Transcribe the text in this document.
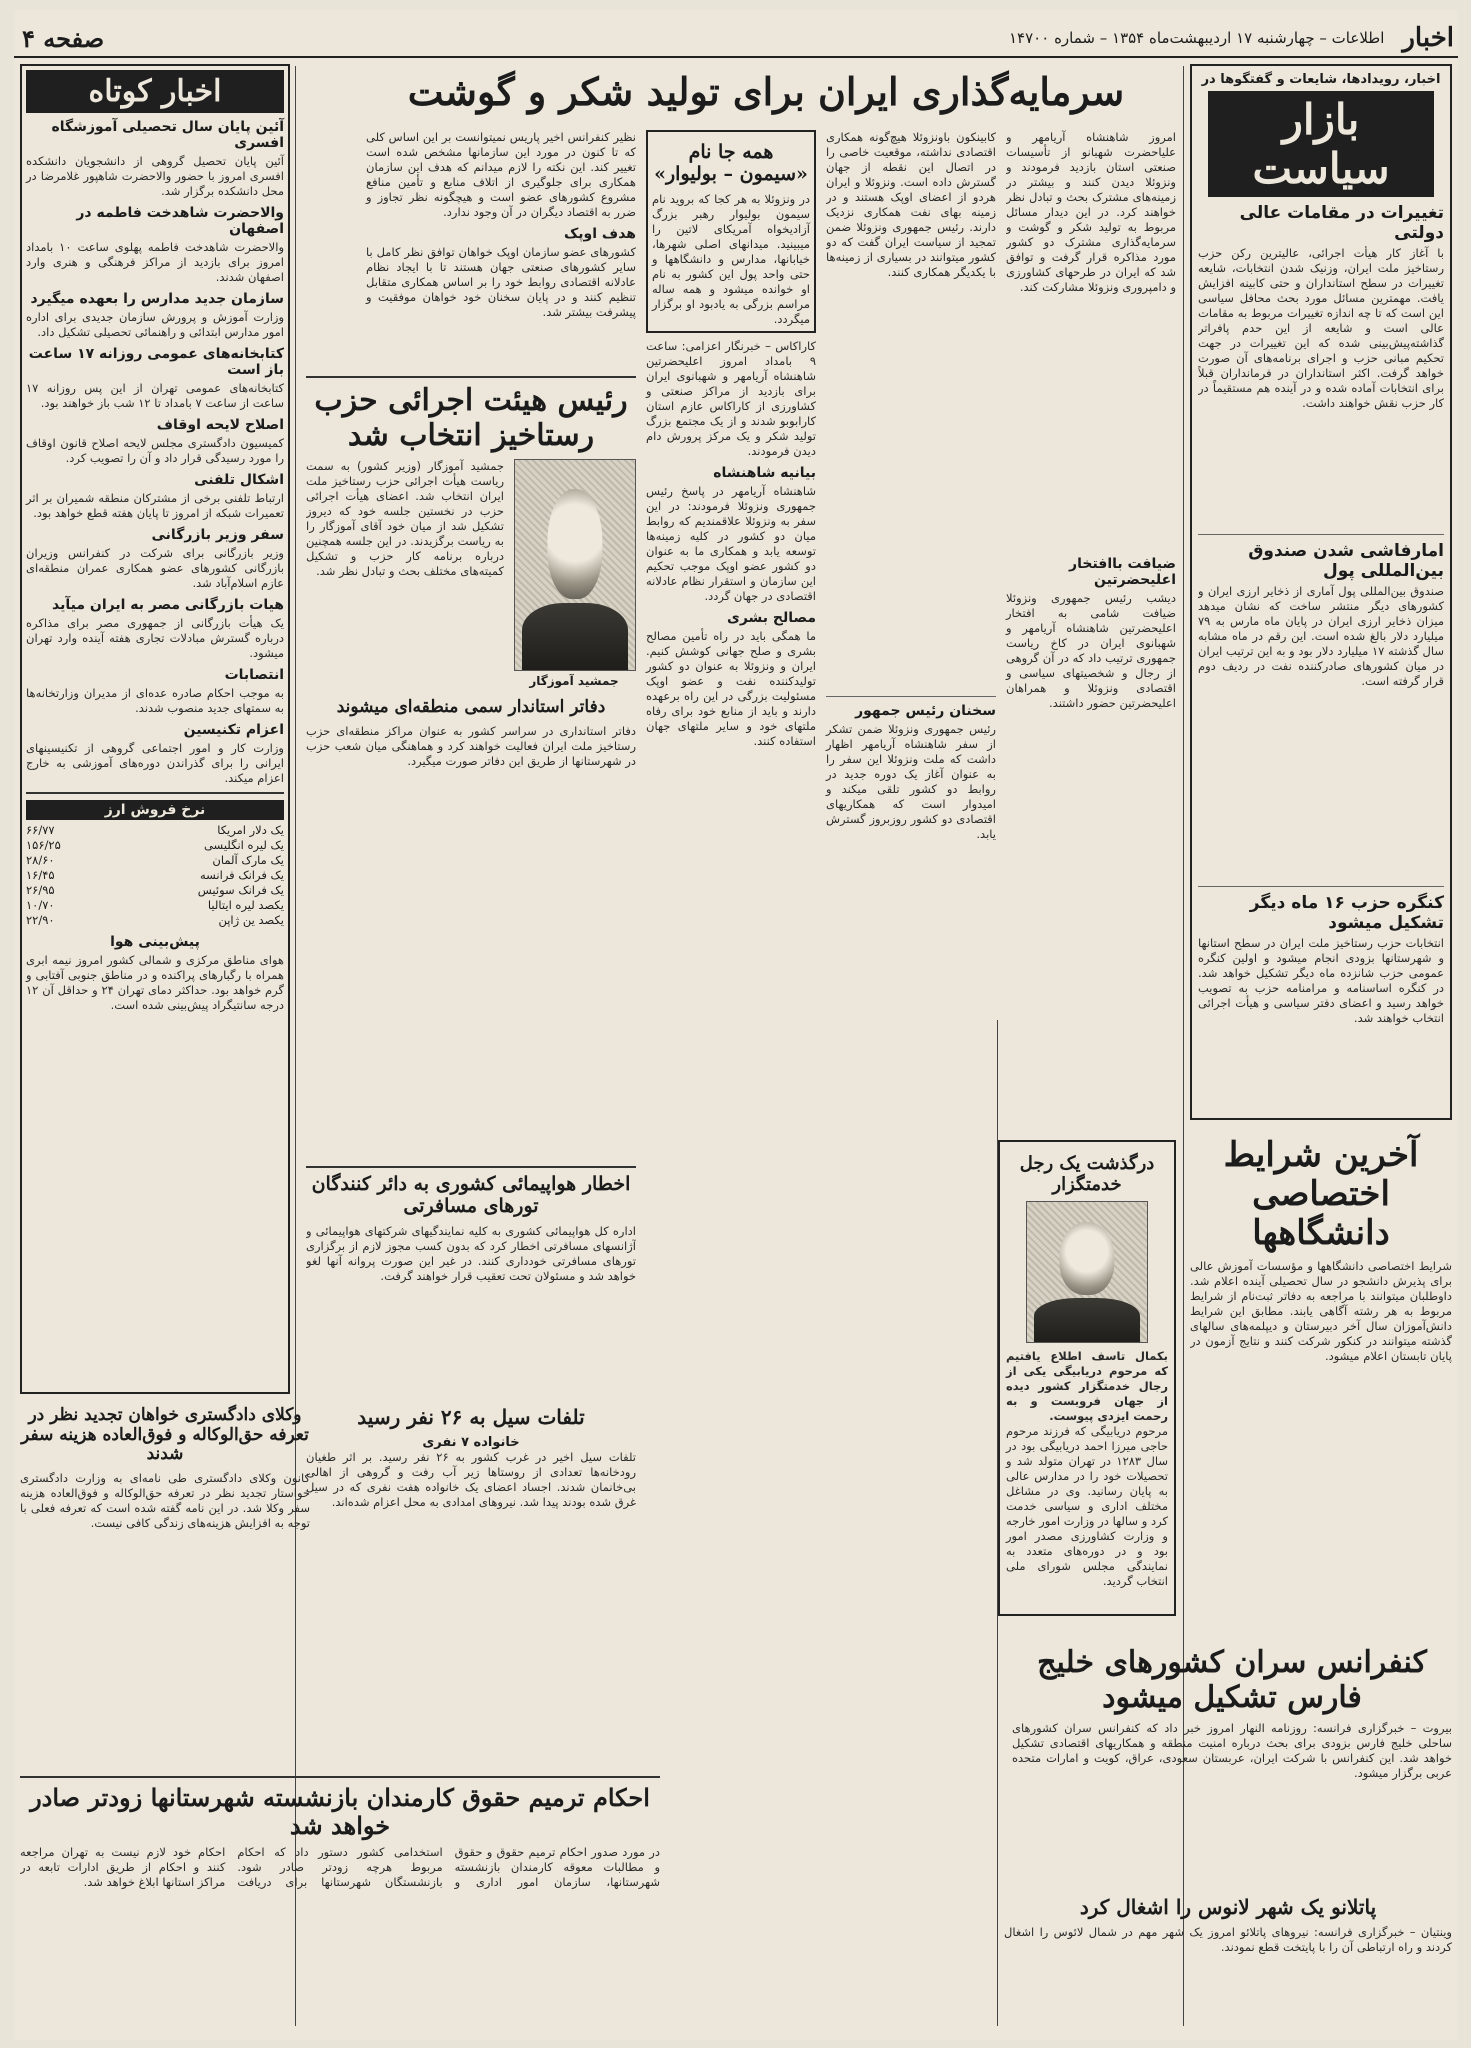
اخبار
اطلاعات – چهارشنبه ۱۷ اردیبهشت‌ماه ۱۳۵۴ – شماره ۱۴۷۰۰
صفحه ۴
اخبار، رویدادها، شایعات و گفتگوها در
بازار سیاست
تغییرات در مقامات عالی دولتی
با آغاز کار هیأت اجرائی، عالیترین رکن حزب رستاخیز ملت ایران، وزنیک شدن انتخابات، شایعه تغییرات در سطح استانداران و حتی کابینه افزایش یافت. مهمترین مسائل مورد بحث محافل سیاسی این است که تا چه اندازه تغییرات مربوط به مقامات عالی است و شایعه از این حدم پافراتر گذاشته‌پیش‌بینی شده که این تغییرات در جهت تحکیم مبانی حزب و اجرای برنامه‌های آن صورت خواهد گرفت. اکثر استانداران در فرمانداران قبلاً برای انتخابات آماده شده و در آینده هم مستقیماً در کار حزب نقش خواهند داشت.
امارفاشی شدن صندوق بین‌المللی پول
صندوق بین‌المللی پول آماری از ذخایر ارزی ایران و کشورهای دیگر منتشر ساخت که نشان میدهد میزان ذخایر ارزی ایران در پایان ماه مارس به ۷۹ میلیارد دلار بالغ شده است. این رقم در ماه مشابه سال گذشته ۱۷ میلیارد دلار بود و به این ترتیب ایران در میان کشورهای صادرکننده نفت در ردیف دوم قرار گرفته است.
کنگره حزب ۱۶ ماه دیگر تشکیل میشود
انتخابات حزب رستاخیز ملت ایران در سطح استانها و شهرستانها بزودی انجام میشود و اولین کنگره عمومی حزب شانزده ماه دیگر تشکیل خواهد شد. در کنگره اساسنامه و مرامنامه حزب به تصویب خواهد رسید و اعضای دفتر سیاسی و هیأت اجرائی انتخاب خواهند شد.
آخرین شرایط اختصاصی دانشگاهها
شرایط اختصاصی دانشگاهها و مؤسسات آموزش عالی برای پذیرش دانشجو در سال تحصیلی آینده اعلام شد. داوطلبان میتوانند با مراجعه به دفاتر ثبت‌نام از شرایط مربوط به هر رشته آگاهی یابند. مطابق این شرایط دانش‌آموزان سال آخر دبیرستان و دیپلمه‌های سالهای گذشته میتوانند در کنکور شرکت کنند و نتایج آزمون در پایان تابستان اعلام میشود.
کنفرانس سران کشورهای خلیج فارس تشکیل میشود
بیروت – خبرگزاری فرانسه: روزنامه النهار امروز خبر داد که کنفرانس سران کشورهای ساحلی خلیج فارس بزودی برای بحث درباره امنیت منطقه و همکاریهای اقتصادی تشکیل خواهد شد. این کنفرانس با شرکت ایران، عربستان سعودی، عراق، کویت و امارات متحده عربی برگزار میشود.
پاتلانو یک شهر لانوس را اشغال کرد
وینتیان – خبرگزاری فرانسه: نیروهای پاتلائو امروز یک شهر مهم در شمال لائوس را اشغال کردند و راه ارتباطی آن را با پایتخت قطع نمودند.
درگذشت یک رجل خدمتگزار
بکمال تاسف اطلاع یافتیم که مرحوم دریابیگی یکی از رجال خدمتگزار کشور دیده از جهان فروبست و به رحمت ایزدی پیوست.
مرحوم دریابیگی که فرزند مرحوم حاجی میرزا احمد دریابیگی بود در سال ۱۲۸۳ در تهران متولد شد و تحصیلات خود را در مدارس عالی به پایان رسانید. وی در مشاغل مختلف اداری و سیاسی خدمت کرد و سالها در وزارت امور خارجه و وزارت کشاورزی مصدر امور بود و در دوره‌های متعدد به نمایندگی مجلس شورای ملی انتخاب گردید.
سرمایه‌گذاری ایران برای تولید شکر و گوشت
امروز شاهنشاه آریامهر و علیاحضرت شهبانو از تأسیسات صنعتی استان بازدید فرمودند و ونزوئلا دیدن کنند و بیشتر در زمینه‌های مشترک بحث و تبادل نظر خواهند کرد. در این دیدار مسائل مربوط به تولید شکر و گوشت و سرمایه‌گذاری مشترک دو کشور مورد مذاکره قرار گرفت و توافق شد که ایران در طرحهای کشاورزی و دامپروری ونزوئلا مشارکت کند.
ضیافت باافتخار اعلیحضرتین
دیشب رئیس جمهوری ونزوئلا ضیافت شامی به افتخار اعلیحضرتین شاهنشاه آریامهر و شهبانوی ایران در کاخ ریاست جمهوری ترتیب داد که در آن گروهی از رجال و شخصیتهای سیاسی و اقتصادی ونزوئلا و همراهان اعلیحضرتین حضور داشتند.
کابینکون باونزوئلا هیچ‌گونه همکاری اقتصادی نداشته، موقعیت خاصی را در اتصال این نقطه از جهان گسترش داده است. ونزوئلا و ایران هردو از اعضای اوپک هستند و در زمینه بهای نفت همکاری نزدیک دارند. رئیس جمهوری ونزوئلا ضمن تمجید از سیاست ایران گفت که دو کشور میتوانند در بسیاری از زمینه‌ها با یکدیگر همکاری کنند.
سخنان رئیس جمهور
رئیس جمهوری ونزوئلا ضمن تشکر از سفر شاهنشاه آریامهر اظهار داشت که ملت ونزوئلا این سفر را به عنوان آغاز یک دوره جدید در روابط دو کشور تلقی میکند و امیدوار است که همکاریهای اقتصادی دو کشور روزبروز گسترش یابد.
همه جا نام «سیمون – بولیوار»
در ونزوئلا به هر کجا که بروید نام سیمون بولیوار رهبر بزرگ آزادیخواه آمریکای لاتین را میبینید. میدانهای اصلی شهرها، خیابانها، مدارس و دانشگاهها و حتی واحد پول این کشور به نام او خوانده میشود و همه ساله مراسم بزرگی به یادبود او برگزار میگردد.
کاراکاس – خبرنگار اعزامی: ساعت ۹ بامداد امروز اعلیحضرتین شاهنشاه آریامهر و شهبانوی ایران برای بازدید از مراکز صنعتی و کشاورزی از کاراکاس عازم استان کارابوبو شدند و از یک مجتمع بزرگ تولید شکر و یک مرکز پرورش دام دیدن فرمودند.
بیانیه شاهنشاه
شاهنشاه آریامهر در پاسخ رئیس جمهوری ونزوئلا فرمودند: در این سفر به ونزوئلا علاقمندیم که روابط میان دو کشور در کلیه زمینه‌ها توسعه یابد و همکاری ما به عنوان دو کشور عضو اوپک موجب تحکیم این سازمان و استقرار نظام عادلانه اقتصادی در جهان گردد.
مصالح بشری
ما همگی باید در راه تأمین مصالح بشری و صلح جهانی کوشش کنیم. ایران و ونزوئلا به عنوان دو کشور تولیدکننده نفت و عضو اوپک مسئولیت بزرگی در این راه برعهده دارند و باید از منابع خود برای رفاه ملتهای خود و سایر ملتهای جهان استفاده کنند.
نظیر کنفرانس اخیر پاریس نمیتوانست بر این اساس کلی که تا کنون در مورد این سازمانها مشخص شده است تغییر کند. این نکته را لازم میدانم که هدف این سازمان همکاری برای جلوگیری از اتلاف منابع و تأمین منافع مشروع کشورهای عضو است و هیچگونه نظر تجاوز و ضرر به اقتصاد دیگران در آن وجود ندارد.
هدف اوپک
کشورهای عضو سازمان اوپک خواهان توافق نظر کامل با سایر کشورهای صنعتی جهان هستند تا با ایجاد نظام عادلانه اقتصادی روابط خود را بر اساس همکاری متقابل تنظیم کنند و در پایان سخنان خود خواهان موفقیت و پیشرفت بیشتر شد.
رئیس هیئت اجرائی حزب رستاخیز انتخاب شد
جمشید آموزگار
جمشید آموزگار (وزیر کشور) به سمت ریاست هیأت اجرائی حزب رستاخیز ملت ایران انتخاب شد. اعضای هیأت اجرائی حزب در نخستین جلسه خود که دیروز تشکیل شد از میان خود آقای آموزگار را به ریاست برگزیدند. در این جلسه همچنین درباره برنامه کار حزب و تشکیل کمیته‌های مختلف بحث و تبادل نظر شد.
دفاتر استاندار سمی منطقه‌ای میشوند
دفاتر استانداری در سراسر کشور به عنوان مراکز منطقه‌ای حزب رستاخیز ملت ایران فعالیت خواهند کرد و هماهنگی میان شعب حزب در شهرستانها از طریق این دفاتر صورت میگیرد.
اخطار هواپیمائی کشوری به دائر کنندگان تورهای مسافرتی
اداره کل هواپیمائی کشوری به کلیه نمایندگیهای شرکتهای هواپیمائی و آژانسهای مسافرتی اخطار کرد که بدون کسب مجوز لازم از برگزاری تورهای مسافرتی خودداری کنند. در غیر این صورت پروانه آنها لغو خواهد شد و مسئولان تحت تعقیب قرار خواهند گرفت.
تلفات سیل به ۲۶ نفر رسید
خانواده ۷ نفری
تلفات سیل اخیر در غرب کشور به ۲۶ نفر رسید. بر اثر طغیان رودخانه‌ها تعدادی از روستاها زیر آب رفت و گروهی از اهالی بی‌خانمان شدند. اجساد اعضای یک خانواده هفت نفری که در سیل غرق شده بودند پیدا شد. نیروهای امدادی به محل اعزام شده‌اند.
وکلای دادگستری خواهان تجدید نظر در تعرفه حق‌الوکاله و فوق‌العاده هزینه سفر شدند
کانون وکلای دادگستری طی نامه‌ای به وزارت دادگستری خواستار تجدید نظر در تعرفه حق‌الوکاله و فوق‌العاده هزینه سفر وکلا شد. در این نامه گفته شده است که تعرفه فعلی با توجه به افزایش هزینه‌های زندگی کافی نیست.
احکام ترمیم حقوق کارمندان بازنشسته شهرستانها زودتر صادر خواهد شد
در مورد صدور احکام ترمیم حقوق و حقوق و مطالبات معوقه کارمندان بازنشسته شهرستانها، سازمان امور اداری و استخدامی کشور دستور داد که احکام مربوط هرچه زودتر صادر شود. بازنشستگان شهرستانها برای دریافت احکام خود لازم نیست به تهران مراجعه کنند و احکام از طریق ادارات تابعه در مراکز استانها ابلاغ خواهد شد.
اخبار کوتاه
آئین پایان سال تحصیلی آموزشگاه افسری
آئین پایان تحصیل گروهی از دانشجویان دانشکده افسری امروز با حضور والاحضرت شاهپور غلامرضا در محل دانشکده برگزار شد.
والاحضرت شاهدخت فاطمه در اصفهان
والاحضرت شاهدخت فاطمه پهلوی ساعت ۱۰ بامداد امروز برای بازدید از مراکز فرهنگی و هنری وارد اصفهان شدند.
سازمان جدید مدارس را بعهده میگیرد
وزارت آموزش و پرورش سازمان جدیدی برای اداره امور مدارس ابتدائی و راهنمائی تحصیلی تشکیل داد.
کتابخانه‌های عمومی روزانه ۱۷ ساعت باز است
کتابخانه‌های عمومی تهران از این پس روزانه ۱۷ ساعت از ساعت ۷ بامداد تا ۱۲ شب باز خواهند بود.
اصلاح لایحه اوقاف
کمیسیون دادگستری مجلس لایحه اصلاح قانون اوقاف را مورد رسیدگی قرار داد و آن را تصویب کرد.
اشکال تلفنی
ارتباط تلفنی برخی از مشترکان منطقه شمیران بر اثر تعمیرات شبکه از امروز تا پایان هفته قطع خواهد بود.
سفر وزیر بازرگانی
وزیر بازرگانی برای شرکت در کنفرانس وزیران بازرگانی کشورهای عضو همکاری عمران منطقه‌ای عازم اسلام‌آباد شد.
هیات بازرگانی مصر به ایران میآید
یک هیأت بازرگانی از جمهوری مصر برای مذاکره درباره گسترش مبادلات تجاری هفته آینده وارد تهران میشود.
انتصابات
به موجب احکام صادره عده‌ای از مدیران وزارتخانه‌ها به سمتهای جدید منصوب شدند.
اعزام تکنیسین
وزارت کار و امور اجتماعی گروهی از تکنیسینهای ایرانی را برای گذراندن دوره‌های آموزشی به خارج اعزام میکند.
نرخ فروش ارز
یک دلار امریکا
۶۶/۷۷
یک لیره انگلیسی
۱۵۶/۲۵
یک مارک آلمان
۲۸/۶۰
یک فرانک فرانسه
۱۶/۴۵
یک فرانک سوئیس
۲۶/۹۵
یکصد لیره ایتالیا
۱۰/۷۰
یکصد ین ژاپن
۲۲/۹۰
پیش‌بینی هوا
هوای مناطق مرکزی و شمالی کشور امروز نیمه ابری همراه با رگبارهای پراکنده و در مناطق جنوبی آفتابی و گرم خواهد بود. حداکثر دمای تهران ۲۴ و حداقل آن ۱۲ درجه سانتیگراد پیش‌بینی شده است.
